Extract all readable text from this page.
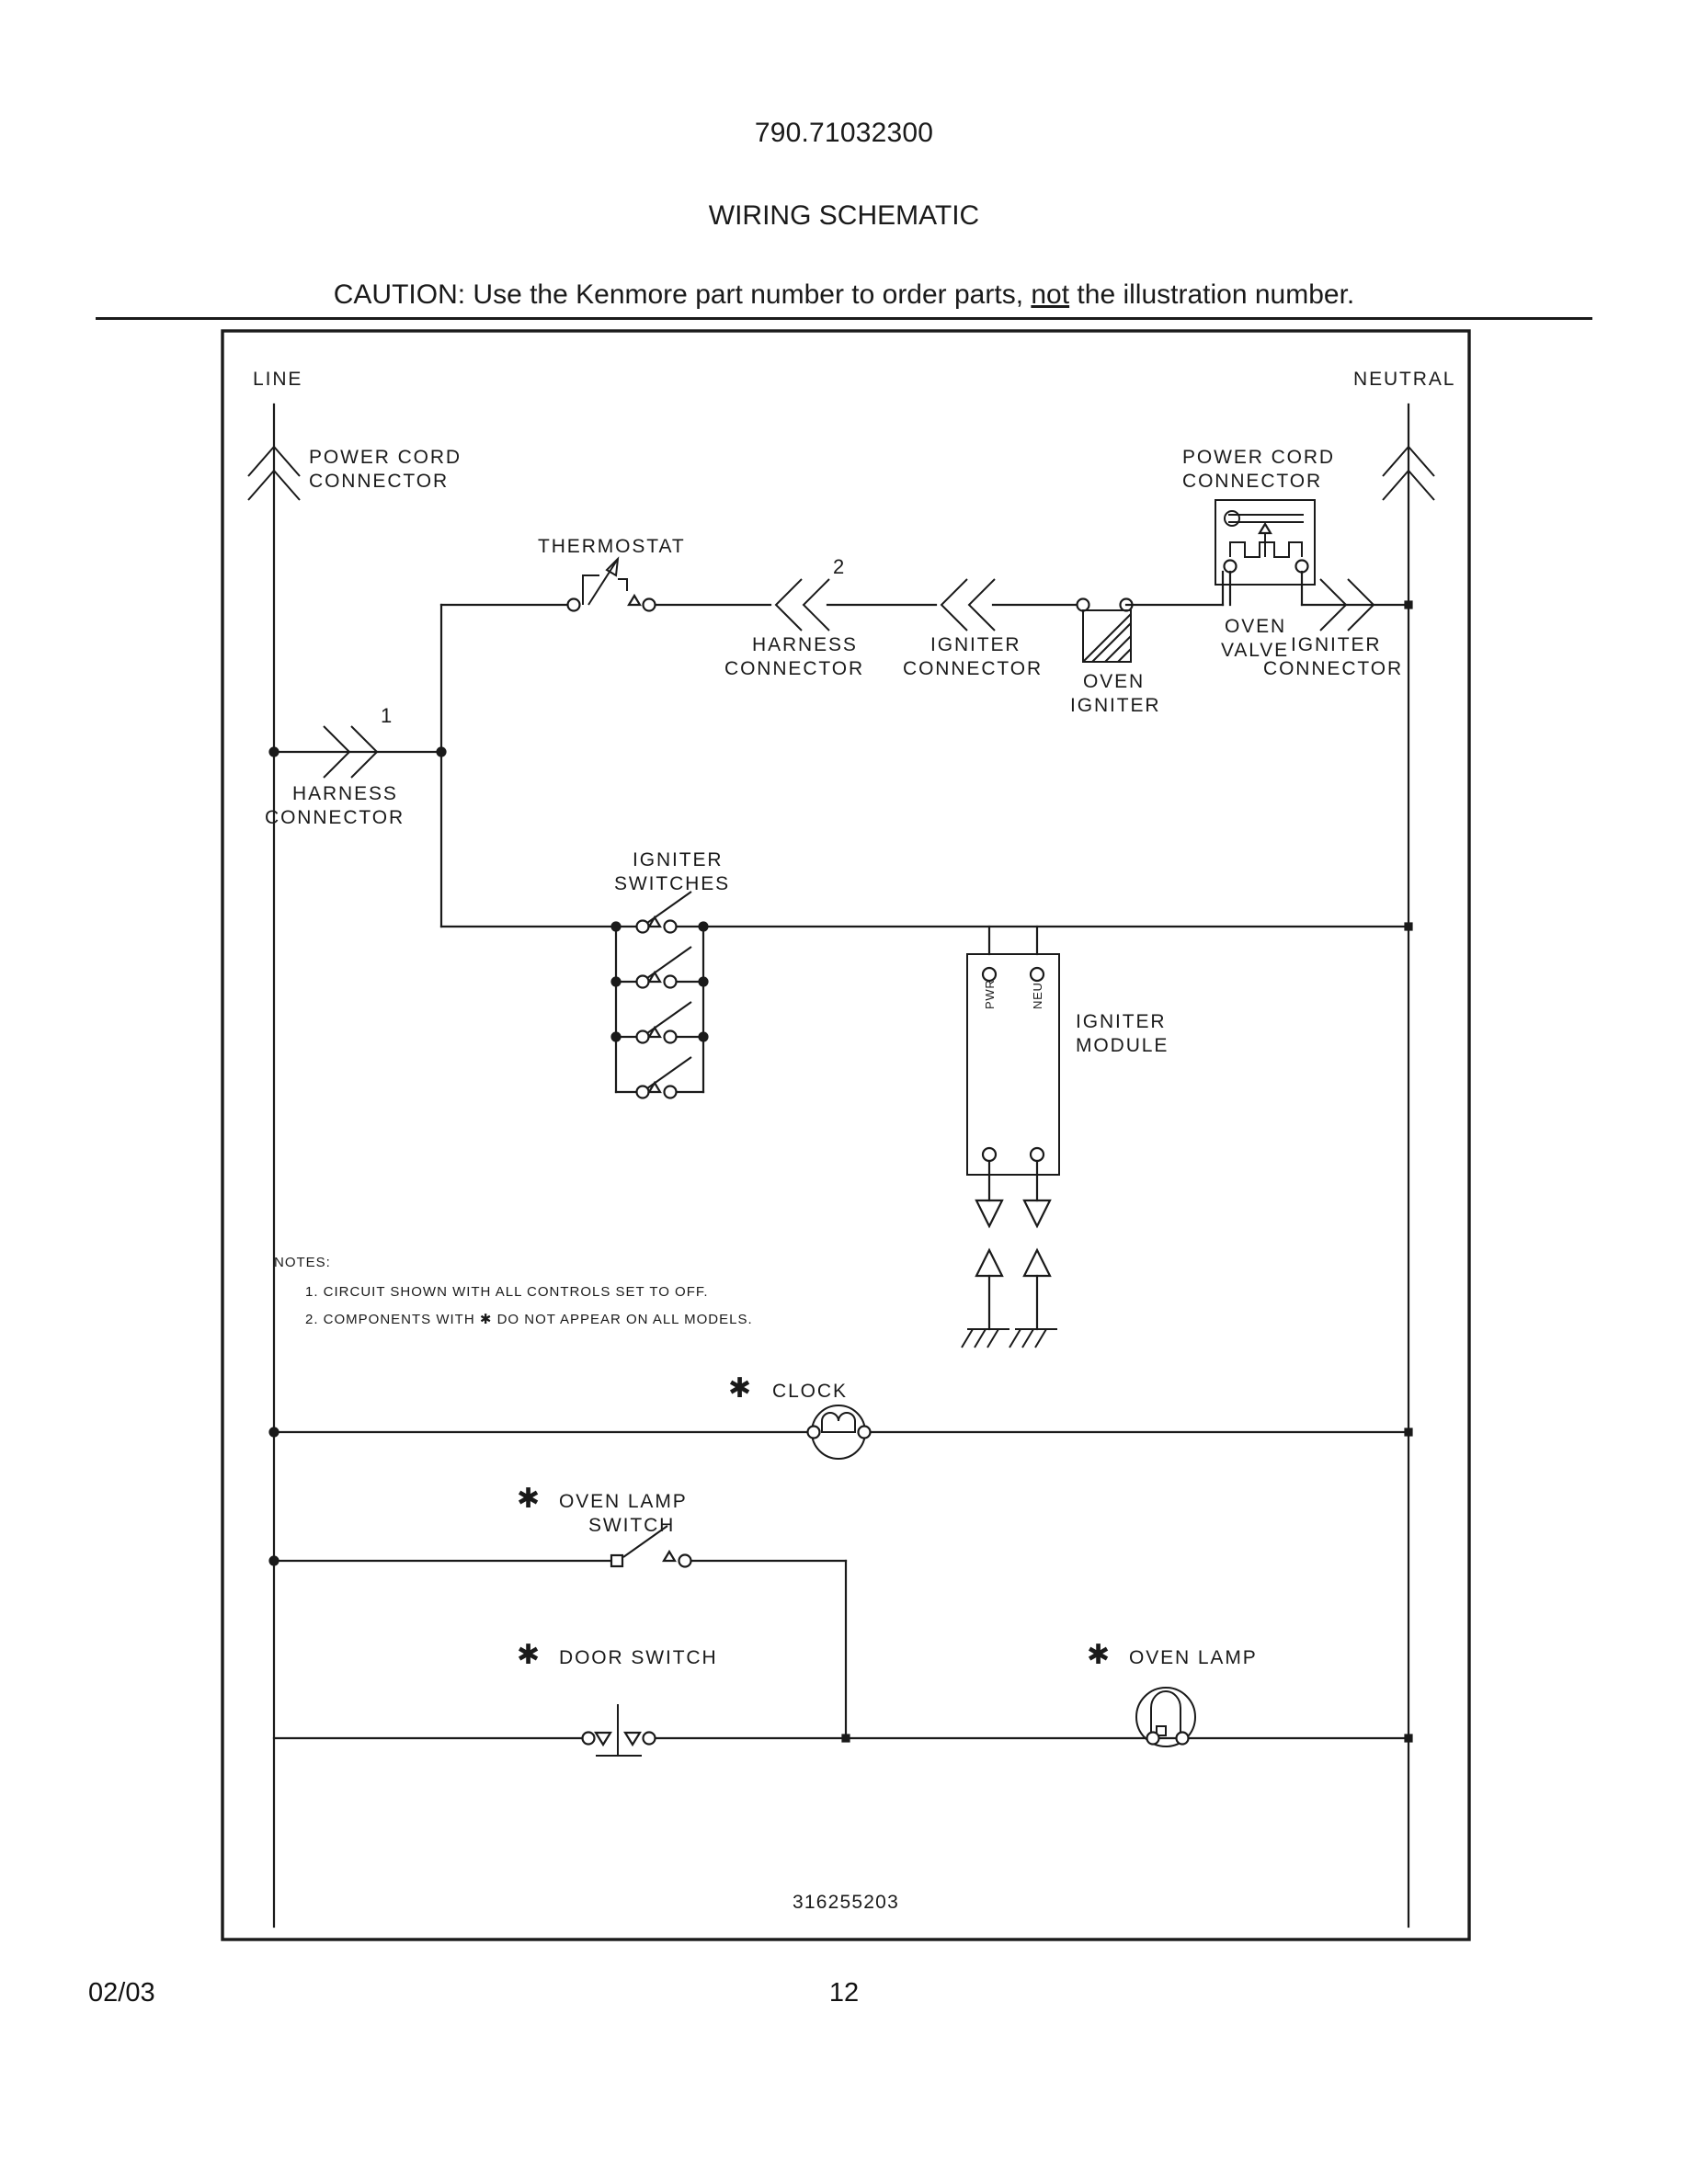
790.71032300
WIRING SCHEMATIC
CAUTION: Use the Kenmore part number to order parts, not the illustration number.
02/03	12
LINE
POWER CORD
CONNECTOR
NEUTRAL
POWER CORD
CONNECTOR
THERMOSTAT
2
HARNESS
CONNECTOR
IGNITER
CONNECTOR
OVEN
IGNITER
OVEN
VALVE IGNITER
CONNECTOR
1
HARNESS
CONNECTOR
IGNITER
SWITCHES
PWR	NEU
IGNITER
MODULE
NOTES:
1. CIRCUIT SHOWN WITH ALL CONTROLS SET TO OFF.
2. COMPONENTS WITH ✱ DO NOT APPEAR ON ALL MODELS.
✱ CLOCK
✱ OVEN LAMP
SWITCH
✱ DOOR SWITCH	✱ OVEN LAMP
316255203
